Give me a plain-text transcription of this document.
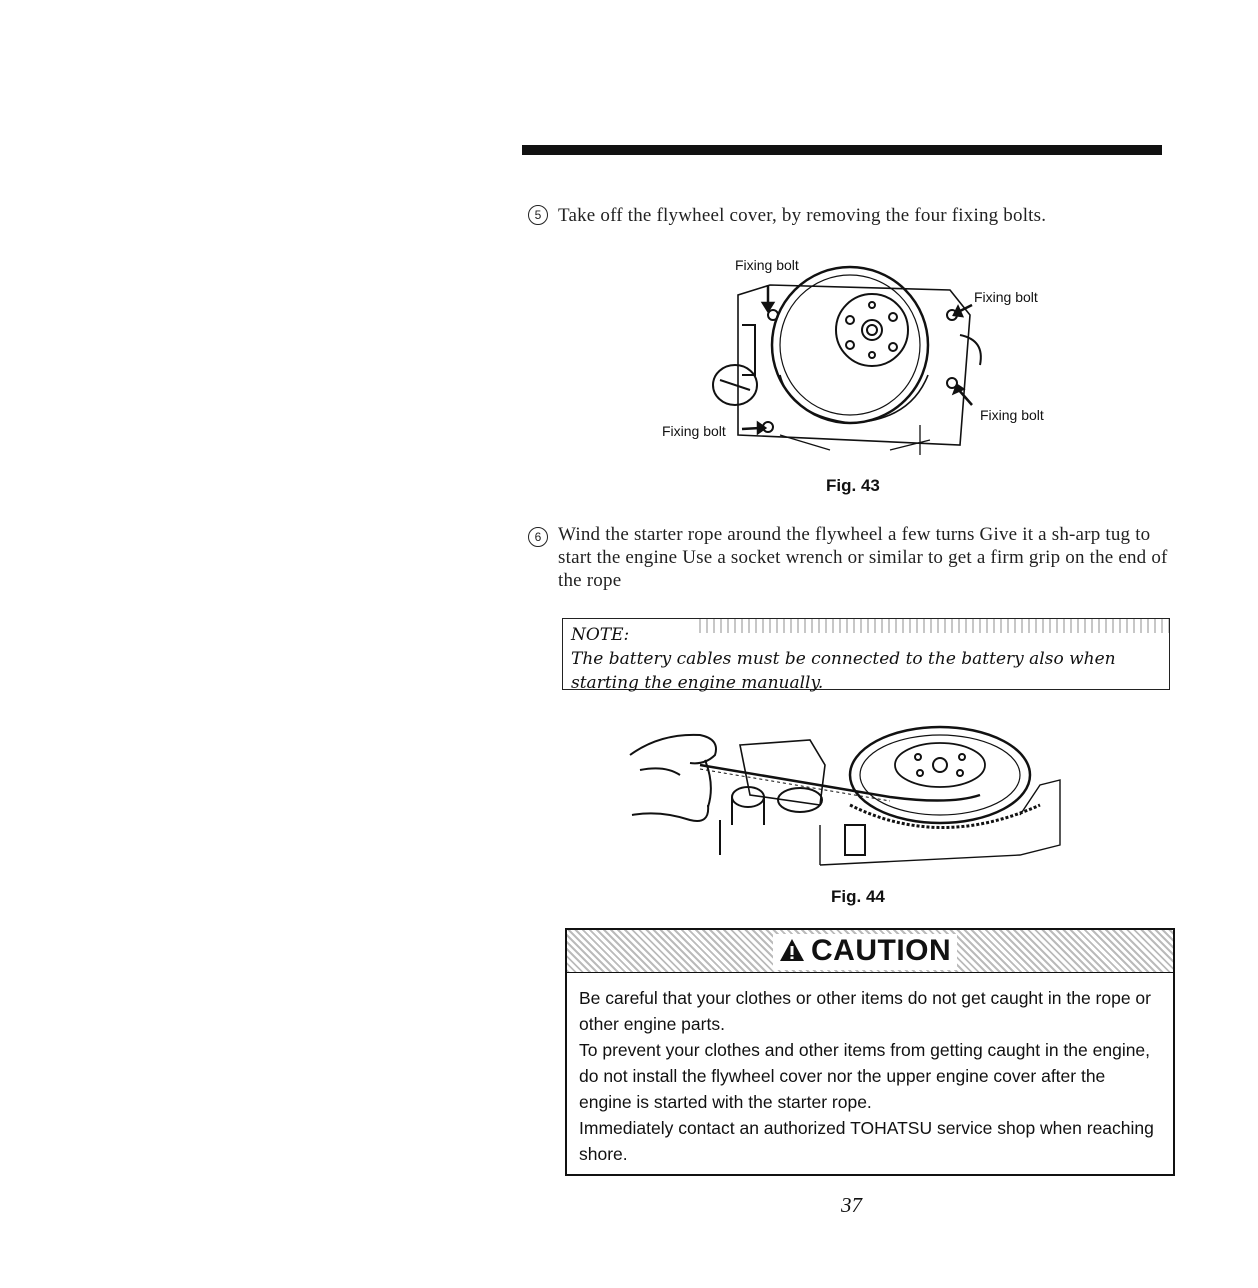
5 Take off the flywheel cover, by removing the four fixing bolts.
Fixing bolt
Fixing bolt
Fixing bolt
Fixing bolt
Fig. 43
6 Wind the starter rope around the flywheel a few turns Give it a sh-arp tug to start the engine Use a socket wrench or similar to get a firm grip on the end of the rope
NOTE:
The battery cables must be connected to the battery also when
starting the engine manually.
Fig. 44
CAUTION

Be careful that your clothes or other items do not get caught in the rope or other engine parts.

To prevent your clothes and other items from getting caught in the engine, do not install the flywheel cover nor the upper engine cover after the engine is started with the starter rope.

Immediately contact an authorized TOHATSU service shop when reaching shore.

37
